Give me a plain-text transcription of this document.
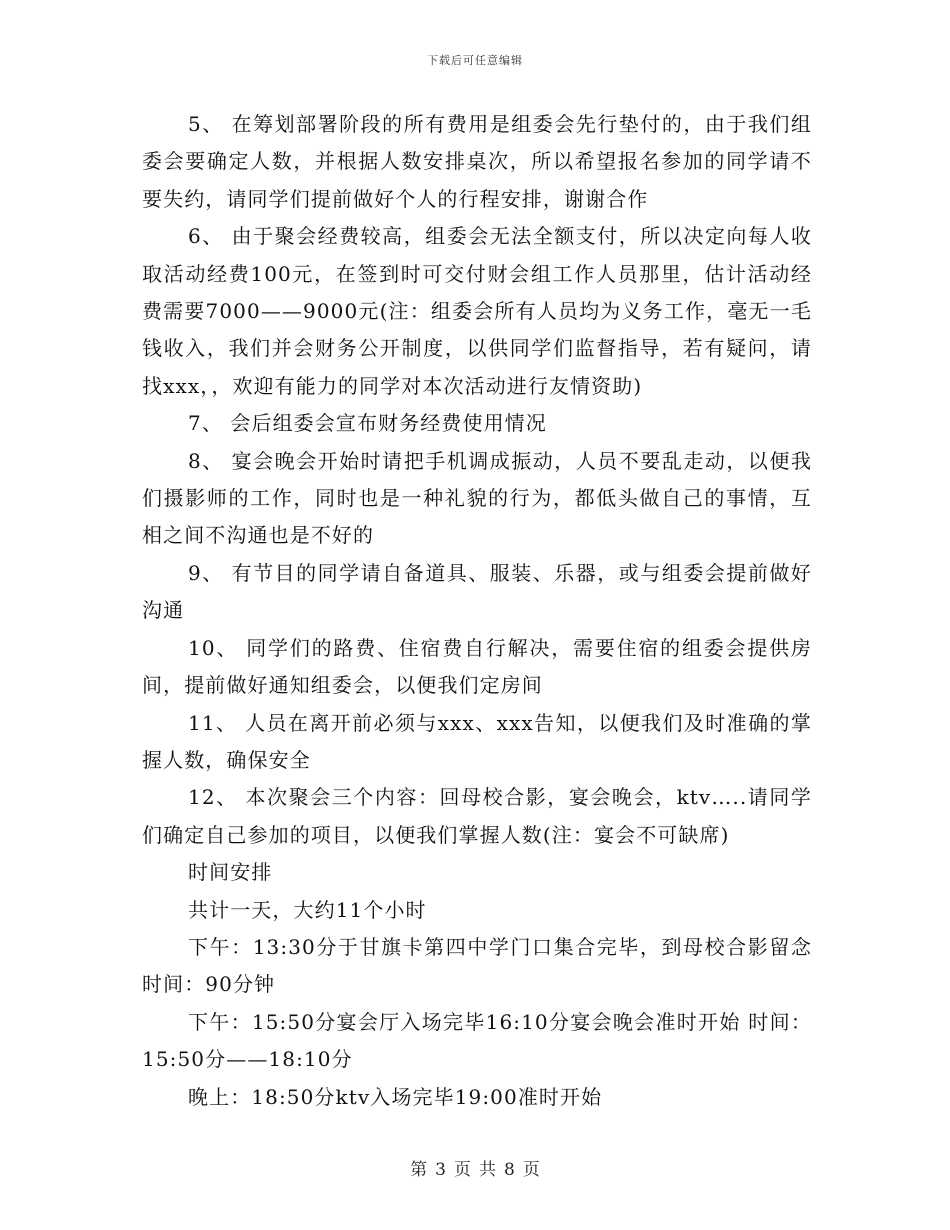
下载后可任意编辑

5、 在筹划部署阶段的所有费用是组委会先行垫付的，由于我们组委会要确定人数，并根据人数安排桌次，所以希望报名参加的同学请不要失约，请同学们提前做好个人的行程安排，谢谢合作

6、 由于聚会经费较高，组委会无法全额支付，所以决定向每人收取活动经费100元，在签到时可交付财会组工作人员那里，估计活动经费需要7000——9000元(注：组委会所有人员均为义务工作，毫无一毛钱收入，我们并会财务公开制度，以供同学们监督指导，若有疑问，请找xxx，，欢迎有能力的同学对本次活动进行友情资助)

7、 会后组委会宣布财务经费使用情况

8、 宴会晚会开始时请把手机调成振动，人员不要乱走动，以便我们摄影师的工作，同时也是一种礼貌的行为，都低头做自己的事情，互相之间不沟通也是不好的

9、 有节目的同学请自备道具、服装、乐器，或与组委会提前做好沟通

10、 同学们的路费、住宿费自行解决，需要住宿的组委会提供房间，提前做好通知组委会，以便我们定房间

11、 人员在离开前必须与xxx、xxx告知，以便我们及时准确的掌握人数，确保安全

12、 本次聚会三个内容：回母校合影，宴会晚会，ktv…..请同学们确定自己参加的项目，以便我们掌握人数(注：宴会不可缺席)

时间安排

共计一天，大约11个小时

下午：13:30分于甘旗卡第四中学门口集合完毕，到母校合影留念时间：90分钟

下午：15:50分宴会厅入场完毕16:10分宴会晚会准时开始 时间：15:50分——18:10分

晚上：18:50分ktv入场完毕19:00准时开始

第 3 页 共 8 页
